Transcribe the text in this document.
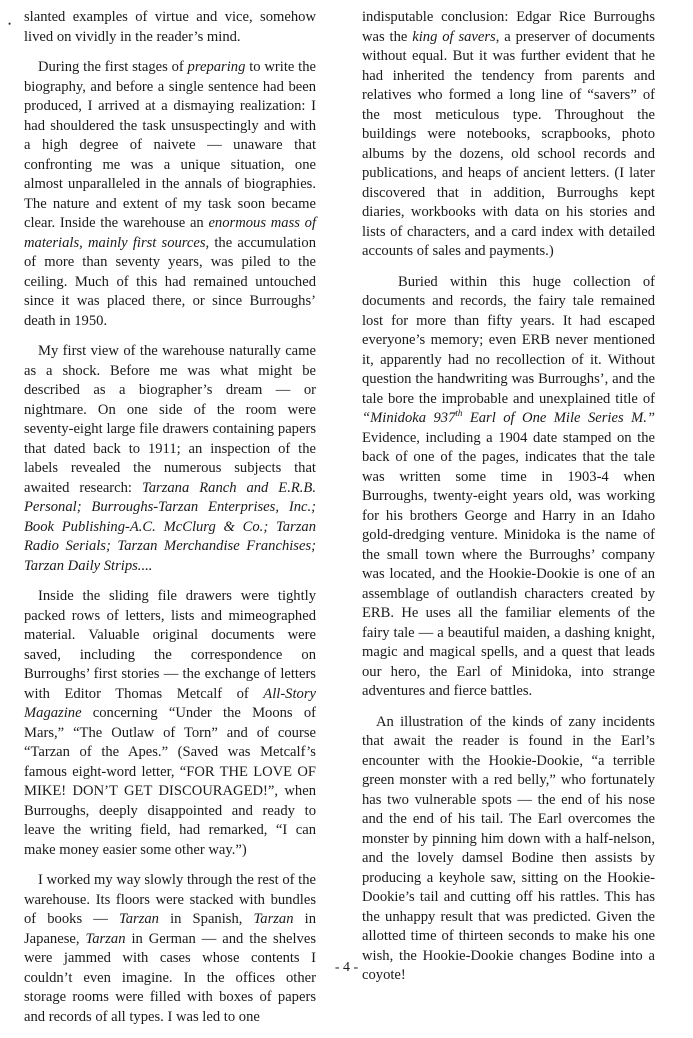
• slanted examples of virtue and vice, somehow lived on vividly in the reader’s mind.

During the first stages of preparing to write the biography, and before a single sentence had been produced, I arrived at a dismaying realization: I had shouldered the task unsuspectingly and with a high degree of naivete — unaware that confronting me was a unique situation, one almost unparalleled in the annals of biographies. The nature and extent of my task soon became clear. Inside the warehouse an enormous mass of materials, mainly first sources, the accumulation of more than seventy years, was piled to the ceiling. Much of this had remained untouched since it was placed there, or since Burroughs’ death in 1950.

My first view of the warehouse naturally came as a shock. Before me was what might be described as a biographer’s dream — or nightmare. On one side of the room were seventy-eight large file drawers containing papers that dated back to 1911; an inspection of the labels revealed the numerous subjects that awaited research: Tarzana Ranch and E.R.B. Personal; Burroughs-Tarzan Enterprises, Inc.; Book Publishing-A.C. McClurg & Co.; Tarzan Radio Serials; Tarzan Merchandise Franchises; Tarzan Daily Strips....

Inside the sliding file drawers were tightly packed rows of letters, lists and mimeographed material. Valuable original documents were saved, including the correspondence on Burroughs’ first stories — the exchange of letters with Editor Thomas Metcalf of All-Story Magazine concerning “Under the Moons of Mars,” “The Outlaw of Torn” and of course “Tarzan of the Apes.” (Saved was Metcalf’s famous eight-word letter, “FOR THE LOVE OF MIKE! DON’T GET DISCOURAGED!”, when Burroughs, deeply disappointed and ready to leave the writing field, had remarked, “I can make money easier some other way.”)

I worked my way slowly through the rest of the warehouse. Its floors were stacked with bundles of books — Tarzan in Spanish, Tarzan in Japanese, Tarzan in German — and the shelves were jammed with cases whose contents I couldn’t even imagine. In the offices other storage rooms were filled with boxes of papers and records of all types. I was led to one

indisputable conclusion: Edgar Rice Burroughs was the king of savers, a preserver of documents without equal. But it was further evident that he had inherited the tendency from parents and relatives who formed a long line of “savers” of the most meticulous type. Throughout the buildings were notebooks, scrapbooks, photo albums by the dozens, old school records and publications, and heaps of ancient letters. (I later discovered that in addition, Burroughs kept diaries, workbooks with data on his stories and lists of characters, and a card index with detailed accounts of sales and payments.)

Buried within this huge collection of documents and records, the fairy tale remained lost for more than fifty years. It had escaped everyone’s memory; even ERB never mentioned it, apparently had no recollection of it. Without question the handwriting was Burroughs’, and the tale bore the improbable and unexplained title of “Minidoka 937th Earl of One Mile Series M.” Evidence, including a 1904 date stamped on the back of one of the pages, indicates that the tale was written some time in 1903-4 when Burroughs, twenty-eight years old, was working for his brothers George and Harry in an Idaho gold-dredging venture. Minidoka is the name of the small town where the Burroughs’ company was located, and the Hookie-Dookie is one of an assemblage of outlandish characters created by ERB. He uses all the familiar elements of the fairy tale — a beautiful maiden, a dashing knight, magic and magical spells, and a quest that leads our hero, the Earl of Minidoka, into strange adventures and fierce battles.

An illustration of the kinds of zany incidents that await the reader is found in the Earl’s encounter with the Hookie-Dookie, “a terrible green monster with a red belly,” who fortunately has two vulnerable spots — the end of his nose and the end of his tail. The Earl overcomes the monster by pinning him down with a half-nelson, and the lovely damsel Bodine then assists by producing a keyhole saw, sitting on the Hookie-Dookie’s tail and cutting off his rattles. This has the unhappy result that was predicted. Given the allotted time of thirteen seconds to make his one wish, the Hookie-Dookie changes Bodine into a coyote!

- 4 -
